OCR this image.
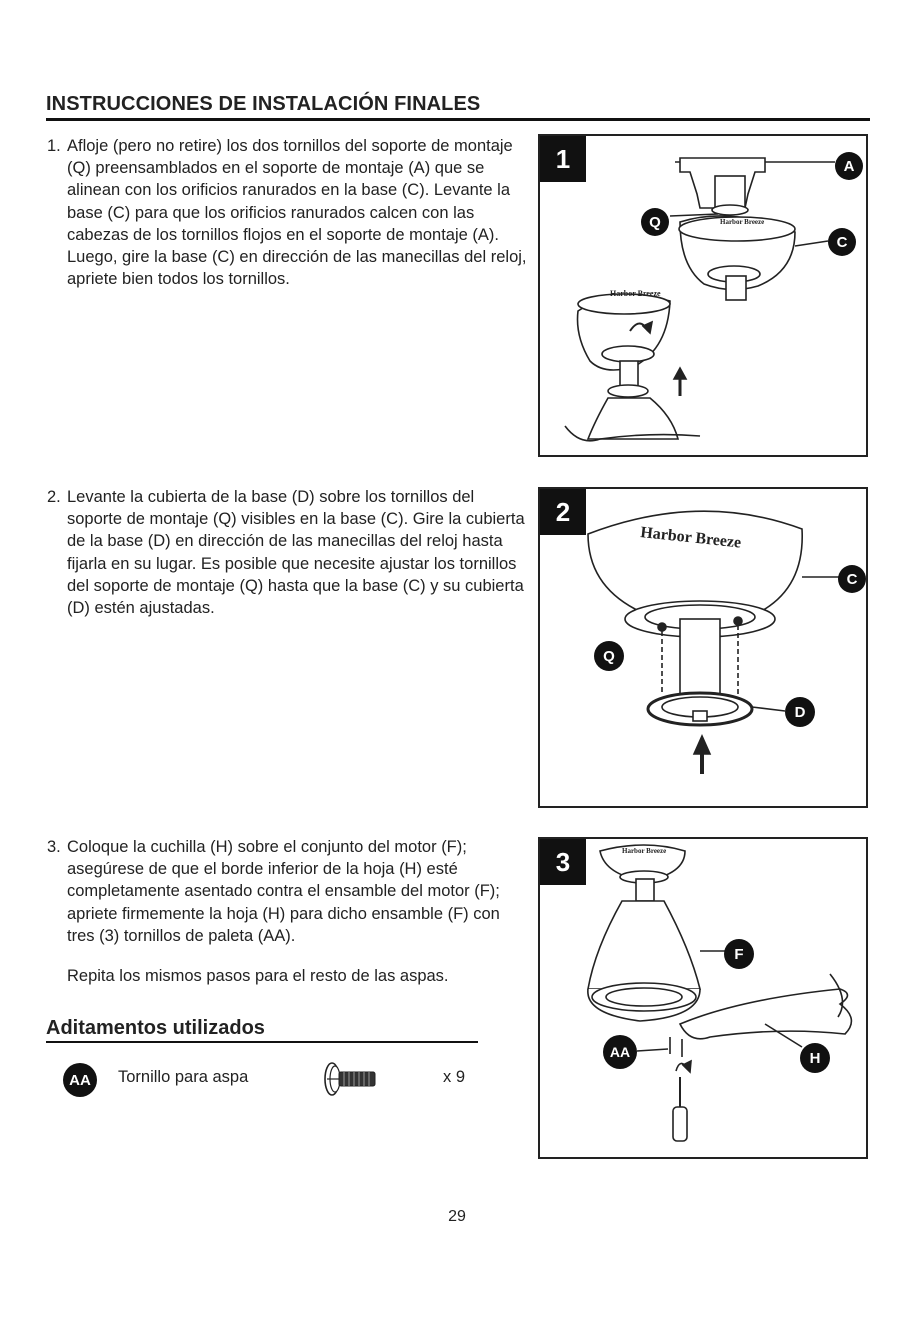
INSTRUCCIONES DE INSTALACIÓN FINALES
1. Afloje (pero no retire) los dos tornillos del soporte de montaje (Q) preensamblados en el soporte de montaje (A) que se alinean con los orificios ranurados en la base (C). Levante la base (C) para que los orificios ranurados calcen con las cabezas de los tornillos flojos en el soporte de montaje (A). Luego, gire la base (C) en dirección de las manecillas del reloj, apriete bien todos los tornillos.
2. Levante la cubierta de la base (D) sobre los tornillos del soporte de montaje (Q) visibles en la base (C). Gire la cubierta de la base (D) en dirección de las manecillas del reloj hasta fijarla en su lugar. Es posible que necesite ajustar los tornillos del soporte de montaje (Q) hasta que la base (C) y su cubierta (D) estén ajustadas.
3. Coloque la cuchilla (H) sobre el conjunto del motor (F); asegúrese de que el borde inferior de la hoja (H) esté completamente asentado contra el ensamble del motor (F); apriete firmemente la hoja (H) para dicho ensamble (F) con tres (3) tornillos de paleta (AA).
Repita los mismos pasos para el resto de las aspas.
1
Harbor Breeze
Harbor Breeze
A
Q
C
2
Harbor Breeze
C
Q
D
3	Harbor Breeze
F
AA	H
Aditamentos utilizados
AA	Tornillo para aspa	x 9
29
